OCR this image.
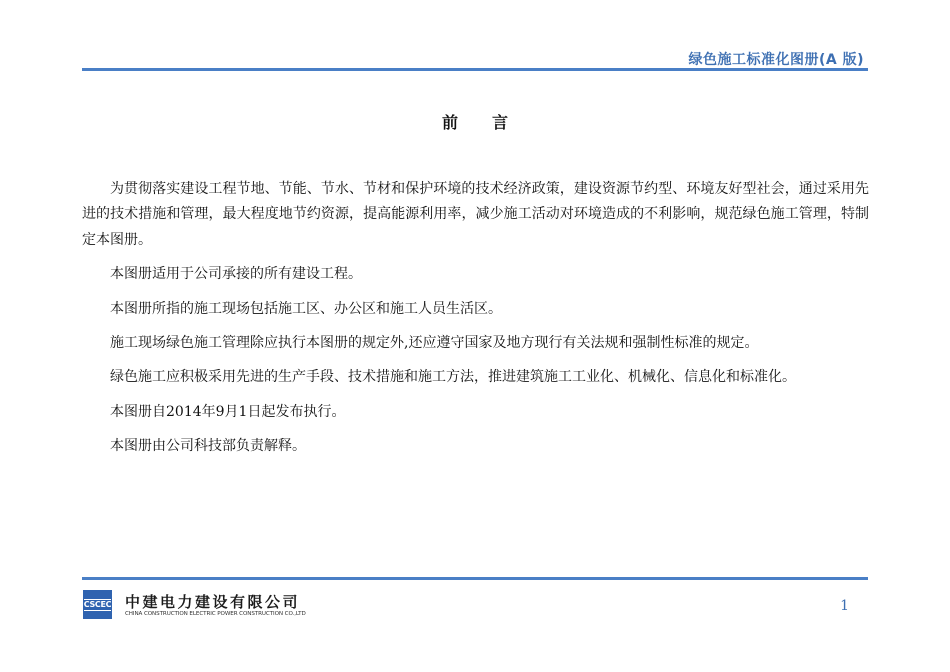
绿色施工标准化图册(A 版)
前言

为贯彻落实建设工程节地、节能、节水、节材和保护环境的技术经济政策，建设资源节约型、环境友好型社会，通过采用先进的技术措施和管理，最大程度地节约资源，提高能源利用率，减少施工活动对环境造成的不利影响，规范绿色施工管理，特制定本图册。

本图册适用于公司承接的所有建设工程。

本图册所指的施工现场包括施工区、办公区和施工人员生活区。

施工现场绿色施工管理除应执行本图册的规定外,还应遵守国家及地方现行有关法规和强制性标准的规定。

绿色施工应积极采用先进的生产手段、技术措施和施工方法，推进建筑施工工业化、机械化、信息化和标准化。

本图册自2014年9月1日起发布执行。

本图册由公司科技部负责解释。

CSCEC 中建电力建设有限公司
CHINA CONSTRUCTION ELECTRIC POWER CONSTRUCTION CO.,LTD	1
